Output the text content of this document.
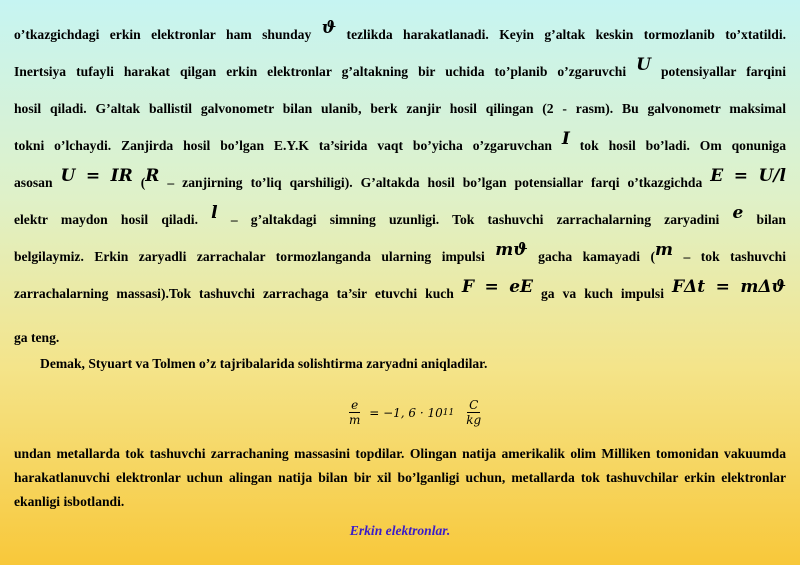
o’tkazgichdagi erkin elektronlar ham shunday ϑ tezlikda harakatlanadi. Keyin g’altak keskin tormozlanib to’xtatildi.
Inertsiya tufayli harakat qilgan erkin elektronlar g’altakning bir uchida to’planib o’zgaruvchi U potensiyallar farqini
hosil qiladi. G’altak ballistil galvonometr bilan ulanib, berk zanjir hosil qilingan (2 - rasm). Bu galvonometr maksimal
tokni o’lchaydi. Zanjirda hosil bo’lgan E.Y.K ta’sirida vaqt bo’yicha o’zgaruvchan I tok hosil bo’ladi. Om qonuniga
asosan U = IR (R – zanjirning to’liq qarshiligi). G’altakda hosil bo’lgan potensiallar farqi o’tkazgichda E = U/l
elektr maydon hosil qiladi. l – g’altakdagi simning uzunligi. Tok tashuvchi zarrachalarning zaryadini e bilan
belgilaymiz. Erkin zaryadli zarrachalar tormozlanganda ularning impulsi mϑ gacha kamayadi (m – tok tashuvchi
zarrachalarning massasi).Tok tashuvchi zarrachaga ta’sir etuvchi kuch F = eE ga va kuch impulsi FΔt = mΔϑ
ga teng.
Demak, Styuart va Tolmen o’z tajribalarida solishtirma zaryadni aniqladilar.
$\frac{e}{m} = -1$, 6 · 10 $11 \frac{C}{kg}$
undan metallarda tok tashuvchi zarrachaning massasini topdilar. Olingan natija amerikalik olim Milliken tomonidan vakuumda harakatlanuvchi elektronlar uchun alingan natija bilan bir xil bo’lganligi uchun, metallarda tok tashuvchilar erkin elektronlar ekanligi isbotlandi.
Erkin elektronlar.
